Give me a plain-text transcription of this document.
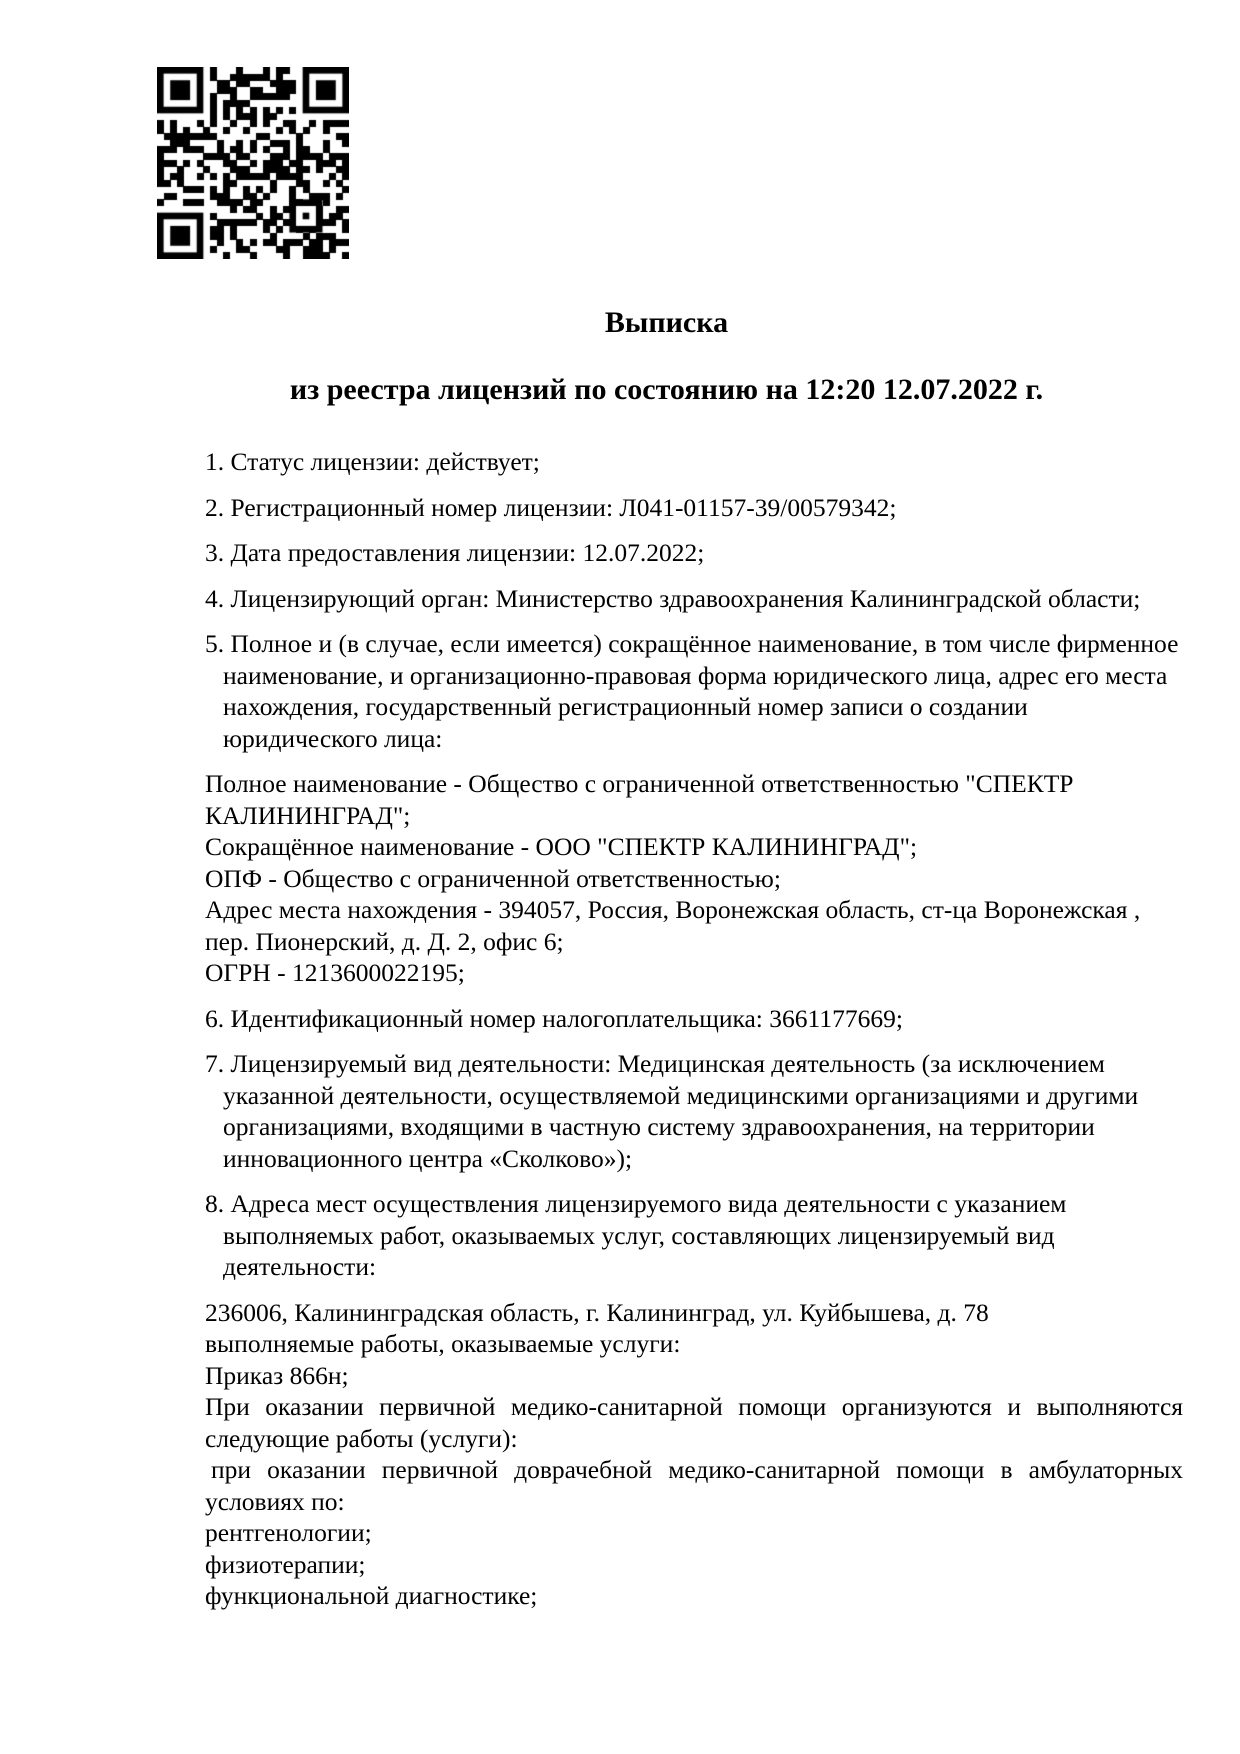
Выписка

из реестра лицензий по состоянию на 12:20 12.07.2022 г.

1. Статус лицензии: действует;

2. Регистрационный номер лицензии: Л041-01157-39/00579342;

3. Дата предоставления лицензии: 12.07.2022;

4. Лицензирующий орган: Министерство здравоохранения Калининградской области;

5. Полное и (в случае, если имеется) сокращённое наименование, в том числе фирменное наименование, и организационно-правовая форма юридического лица, адрес его места нахождения, государственный регистрационный номер записи о создании юридического лица:

Полное наименование - Общество с ограниченной ответственностью "СПЕКТР КАЛИНИНГРАД";

Сокращённое наименование - ООО "СПЕКТР КАЛИНИНГРАД";

ОПФ - Общество с ограниченной ответственностью;

Адрес места нахождения - 394057, Россия, Воронежская область, ст-ца Воронежская , пер. Пионерский, д. Д. 2, офис 6;

ОГРН - 1213600022195;

6. Идентификационный номер налогоплательщика: 3661177669;

7. Лицензируемый вид деятельности: Медицинская деятельность (за исключением указанной деятельности, осуществляемой медицинскими организациями и другими организациями, входящими в частную систему здравоохранения, на территории инновационного центра «Сколково»);

8. Адреса мест осуществления лицензируемого вида деятельности с указанием выполняемых работ, оказываемых услуг, составляющих лицензируемый вид деятельности:

236006, Калининградская область, г. Калининград, ул. Куйбышева, д. 78

выполняемые работы, оказываемые услуги:

Приказ 866н;

При оказании первичной медико-санитарной помощи организуются и выполняются следующие работы (услуги):

при оказании первичной доврачебной медико-санитарной помощи в амбулаторных условиях по:

рентгенологии;

физиотерапии;

функциональной диагностике;
